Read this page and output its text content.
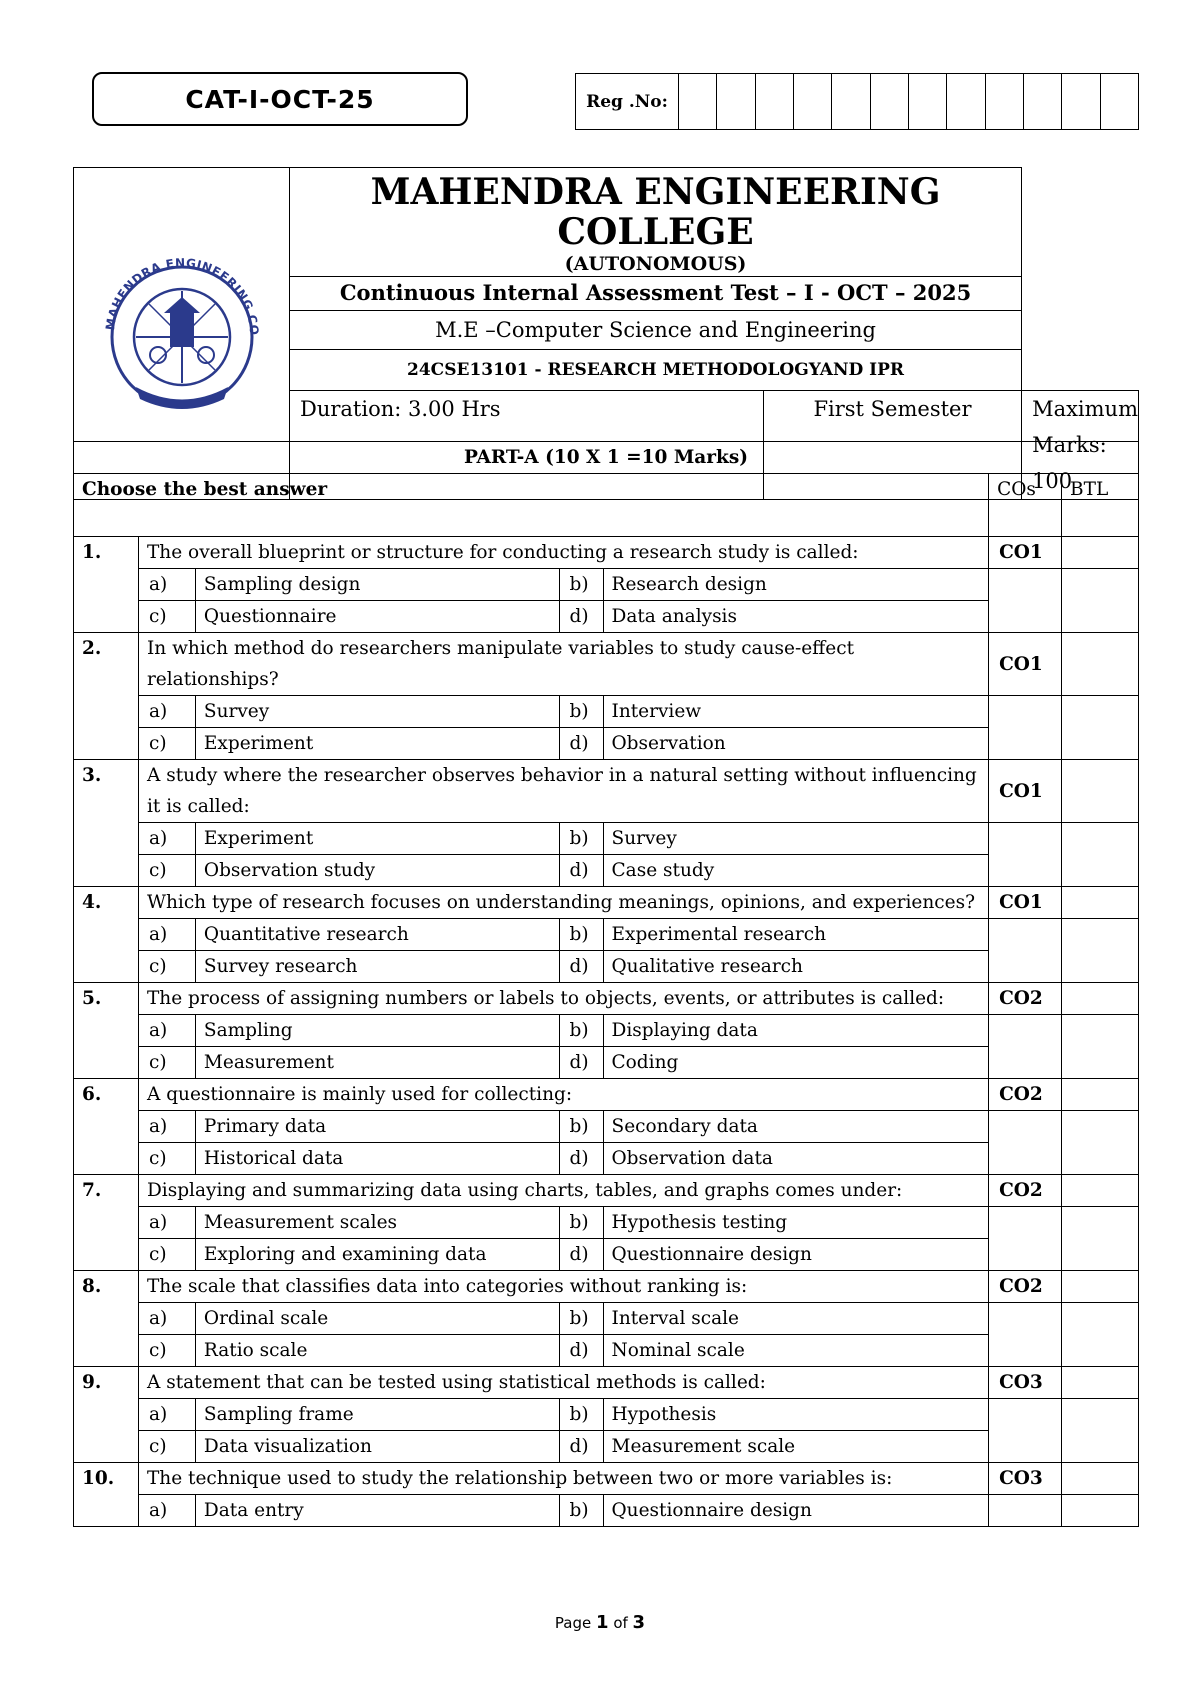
CAT-I-OCT-25	Reg .No:
MAHENDRA ENGINEERING CO	MAHENDRA ENGINEERING COLLEGE
(AUTONOMOUS)		

	Continuous Internal Assessment Test – I - OCT – 2025		
	M.E –Computer Science and Engineering		
	24CSE13101 - RESEARCH METHODOLOGYAND IPR		
	Duration: 3.00 Hrs	First Semester	Maximum Marks: 100
PART-A (10 X 1 =10 Marks)						
Choose the best answer					COs	BTL
1.	The overall blueprint or structure for conducting a research study is called:				CO1	
	a)	Sampling design	b)	Research design		
	c)	Questionnaire	d)	Data analysis		
2.	In which method do researchers manipulate variables to study cause-effect relationships?				CO1	
	a)	Survey	b)	Interview		
	c)	Experiment	d)	Observation		
3.	A study where the researcher observes behavior in a natural setting without influencing it is called:				CO1	
	a)	Experiment	b)	Survey		
	c)	Observation study	d)	Case study		
4.	Which type of research focuses on understanding meanings, opinions, and experiences?				CO1	
	a)	Quantitative research	b)	Experimental research		
	c)	Survey research	d)	Qualitative research		
5.	The process of assigning numbers or labels to objects, events, or attributes is called:				CO2	
	a)	Sampling	b)	Displaying data		
	c)	Measurement	d)	Coding		
6.	A questionnaire is mainly used for collecting:				CO2	
	a)	Primary data	b)	Secondary data		
	c)	Historical data	d)	Observation data		
7.	Displaying and summarizing data using charts, tables, and graphs comes under:				CO2	
	a)	Measurement scales	b)	Hypothesis testing		
	c)	Exploring and examining data	d)	Questionnaire design		
8.	The scale that classifies data into categories without ranking is:				CO2	
	a)	Ordinal scale	b)	Interval scale		
	c)	Ratio scale	d)	Nominal scale		
9.	A statement that can be tested using statistical methods is called:				CO3	
	a)	Sampling frame	b)	Hypothesis		
	c)	Data visualization	d)	Measurement scale		
10.	The technique used to study the relationship between two or more variables is:				CO3	
	a)	Data entry	b)	Questionnaire design		
Page 1 of 3
